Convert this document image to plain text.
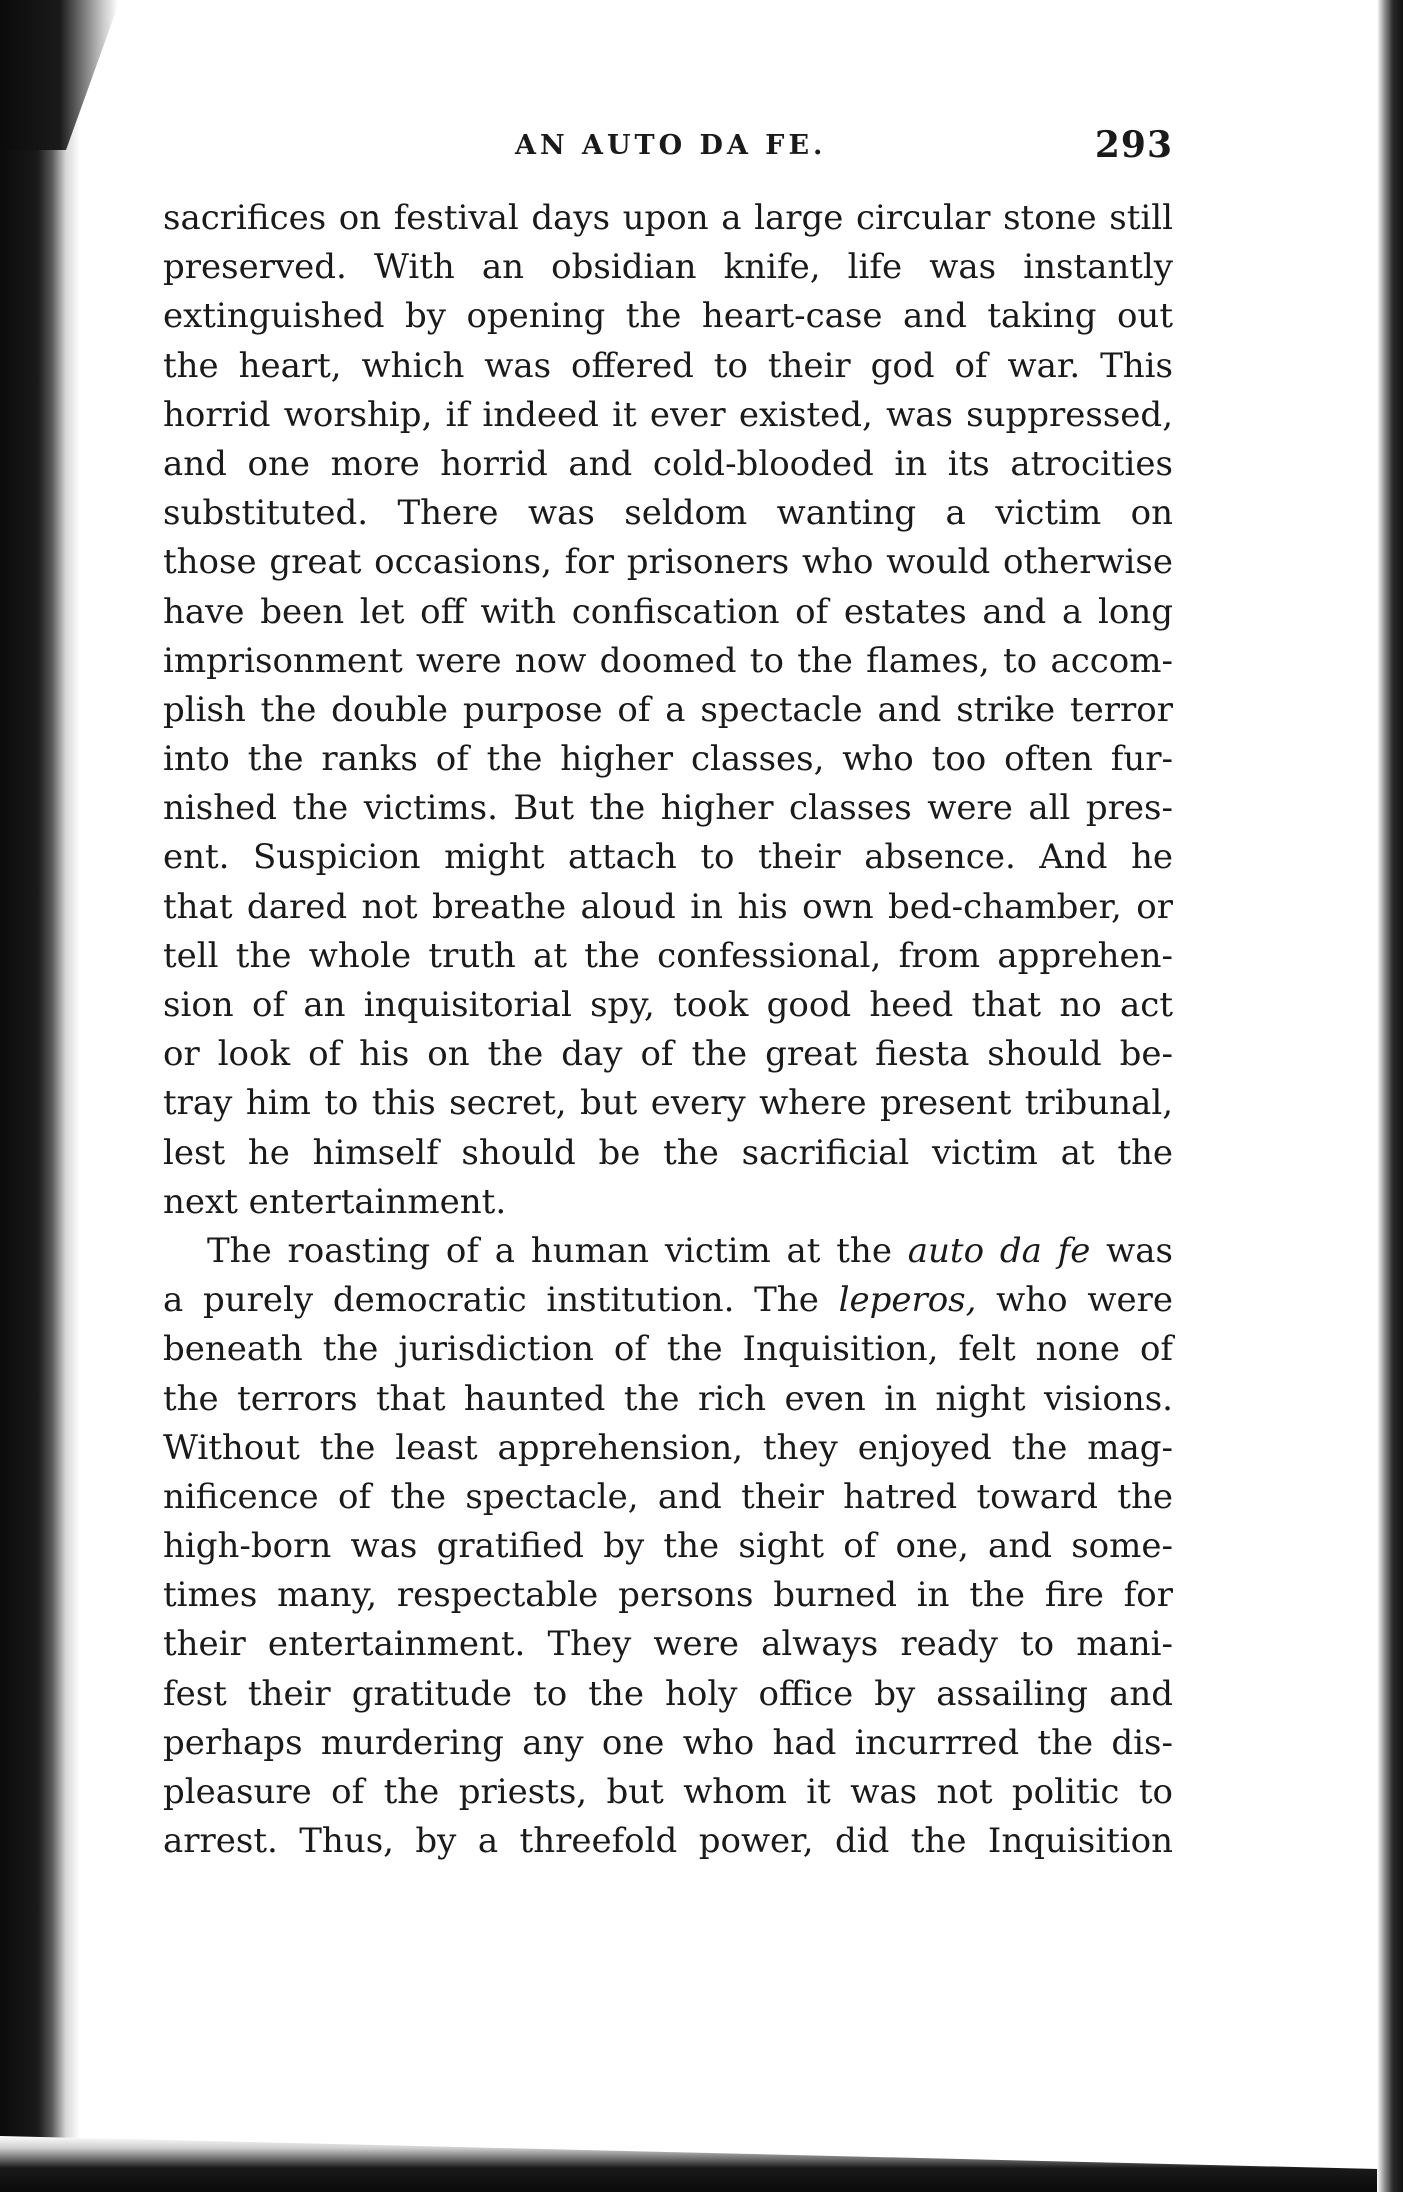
AN AUTO DA FE.	293
sacrifices on festival days upon a large circular stone still
preserved. With an obsidian knife, life was instantly
extinguished by opening the heart-case and taking out
the heart, which was offered to their god of war. This
horrid worship, if indeed it ever existed, was suppressed,
and one more horrid and cold-blooded in its atrocities
substituted. There was seldom wanting a victim on
those great occasions, for prisoners who would otherwise
have been let off with confiscation of estates and a long
imprisonment were now doomed to the flames, to accom-
plish the double purpose of a spectacle and strike terror
into the ranks of the higher classes, who too often fur-
nished the victims. But the higher classes were all pres-
ent. Suspicion might attach to their absence. And he
that dared not breathe aloud in his own bed-chamber, or
tell the whole truth at the confessional, from apprehen-
sion of an inquisitorial spy, took good heed that no act
or look of his on the day of the great fiesta should be-
tray him to this secret, but every where present tribunal,
lest he himself should be the sacrificial victim at the
next entertainment.
The roasting of a human victim at the auto da fe was
a purely democratic institution. The leperos, who were
beneath the jurisdiction of the Inquisition, felt none of
the terrors that haunted the rich even in night visions.
Without the least apprehension, they enjoyed the mag-
nificence of the spectacle, and their hatred toward the
high-born was gratified by the sight of one, and some-
times many, respectable persons burned in the fire for
their entertainment. They were always ready to mani-
fest their gratitude to the holy office by assailing and
perhaps murdering any one who had incurrred the dis-
pleasure of the priests, but whom it was not politic to
arrest. Thus, by a threefold power, did the Inquisition
